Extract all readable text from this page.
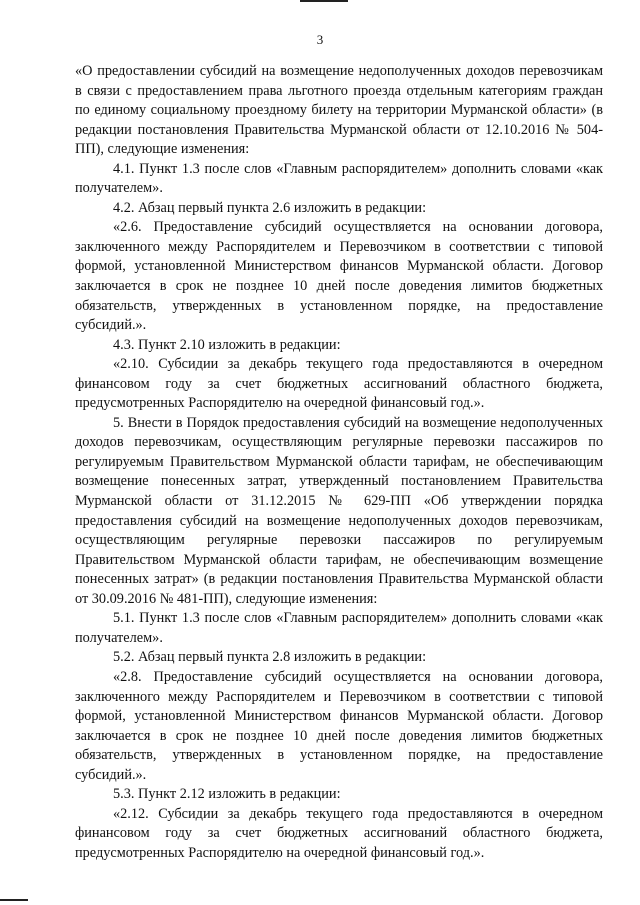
3

«О предоставлении субсидий на возмещение недополученных доходов перевозчикам в связи с предоставлением права льготного проезда отдельным категориям граждан по единому социальному проездному билету на территории Мурманской области» (в редакции постановления Правительства Мурманской области от 12.10.2016 № 504-ПП), следующие изменения:

4.1. Пункт 1.3 после слов «Главным распорядителем» дополнить словами «как получателем».

4.2. Абзац первый пункта 2.6 изложить в редакции:

«2.6. Предоставление субсидий осуществляется на основании договора, заключенного между Распорядителем и Перевозчиком в соответствии с типовой формой, установленной Министерством финансов Мурманской области. Договор заключается в срок не позднее 10 дней после доведения лимитов бюджетных обязательств, утвержденных в установленном порядке, на предоставление субсидий.».

4.3. Пункт 2.10 изложить в редакции:

«2.10. Субсидии за декабрь текущего года предоставляются в очередном финансовом году за счет бюджетных ассигнований областного бюджета, предусмотренных Распорядителю на очередной финансовый год.».

5. Внести в Порядок предоставления субсидий на возмещение недополученных доходов перевозчикам, осуществляющим регулярные перевозки пассажиров по регулируемым Правительством Мурманской области тарифам, не обеспечивающим возмещение понесенных затрат, утвержденный постановлением Правительства Мурманской области от 31.12.2015 № 629-ПП «Об утверждении порядка предоставления субсидий на возмещение недополученных доходов перевозчикам, осуществляющим регулярные перевозки пассажиров по регулируемым Правительством Мурманской области тарифам, не обеспечивающим возмещение понесенных затрат» (в редакции постановления Правительства Мурманской области от 30.09.2016 № 481-ПП), следующие изменения:

5.1. Пункт 1.3 после слов «Главным распорядителем» дополнить словами «как получателем».

5.2. Абзац первый пункта 2.8 изложить в редакции:

«2.8. Предоставление субсидий осуществляется на основании договора, заключенного между Распорядителем и Перевозчиком в соответствии с типовой формой, установленной Министерством финансов Мурманской области. Договор заключается в срок не позднее 10 дней после доведения лимитов бюджетных обязательств, утвержденных в установленном порядке, на предоставление субсидий.».

5.3. Пункт 2.12 изложить в редакции:

«2.12. Субсидии за декабрь текущего года предоставляются в очередном финансовом году за счет бюджетных ассигнований областного бюджета, предусмотренных Распорядителю на очередной финансовый год.».
